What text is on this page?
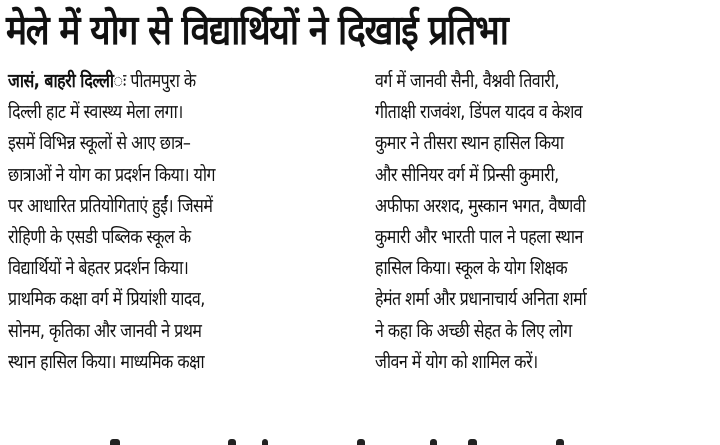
मेले में योग से विद्यार्थियों ने दिखाई प्रतिभा
जासं, बाहरी दिल्लीः पीतमपुरा के
दिल्ली हाट में स्वास्थ्य मेला लगा।
इसमें विभिन्न स्कूलों से आए छात्र–
छात्राओं ने योग का प्रदर्शन किया। योग
पर आधारित प्रतियोगिताएं हुईं। जिसमें
रोहिणी के एसडी पब्लिक स्कूल के
विद्यार्थियों ने बेहतर प्रदर्शन किया।
प्राथमिक कक्षा वर्ग में प्रियांशी यादव,
सोनम, कृतिका और जानवी ने प्रथम
स्थान हासिल किया। माध्यमिक कक्षा
वर्ग में जानवी सैनी, वैश्नवी तिवारी,
गीताक्षी राजवंश, डिंपल यादव व केशव
कुमार ने तीसरा स्थान हासिल किया
और सीनियर वर्ग में प्रिन्सी कुमारी,
अफीफा अरशद, मुस्कान भगत, वैष्णवी
कुमारी और भारती पाल ने पहला स्थान
हासिल किया। स्कूल के योग शिक्षक
हेमंत शर्मा और प्रधानाचार्य अनिता शर्मा
ने कहा कि अच्छी सेहत के लिए लोग
जीवन में योग को शामिल करें।
